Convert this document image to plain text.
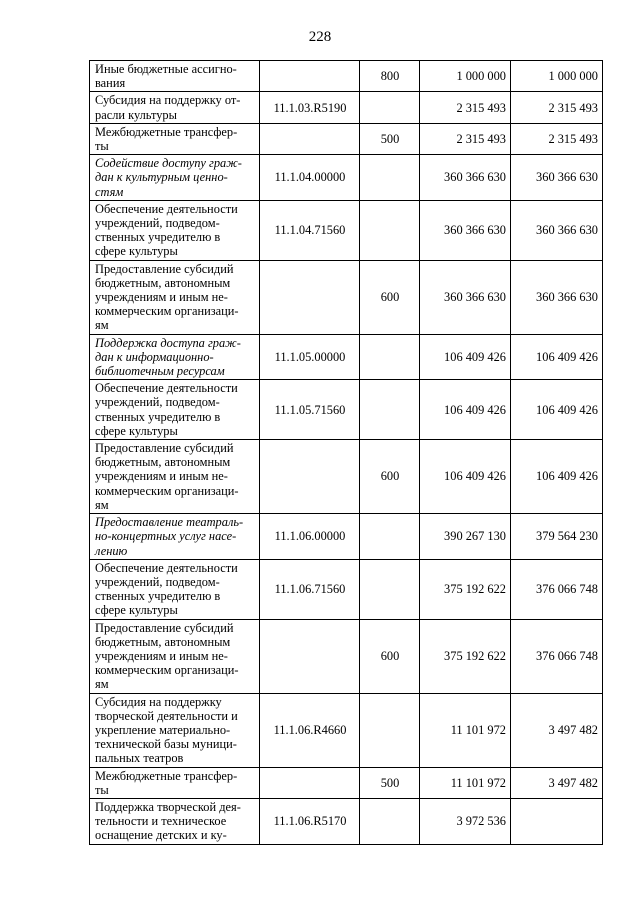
228
Иные бюджетные ассигно-
вания		800	1 000 000	1 000 000
Субсидия на поддержку от-
расли культуры	11.1.03.R5190		2 315 493	2 315 493
Межбюджетные трансфер-
ты		500	2 315 493	2 315 493
Содействие доступу граж-
дан к культурным ценно-
стям	11.1.04.00000		360 366 630	360 366 630
Обеспечение деятельности
учреждений, подведом-
ственных учредителю в
сфере культуры	11.1.04.71560		360 366 630	360 366 630
Предоставление субсидий
бюджетным, автономным
учреждениям и иным не-
коммерческим организаци-
ям		600	360 366 630	360 366 630
Поддержка доступа граж-
дан к информационно-
библиотечным ресурсам	11.1.05.00000		106 409 426	106 409 426
Обеспечение деятельности
учреждений, подведом-
ственных учредителю в
сфере культуры	11.1.05.71560		106 409 426	106 409 426
Предоставление субсидий
бюджетным, автономным
учреждениям и иным не-
коммерческим организаци-
ям		600	106 409 426	106 409 426
Предоставление театраль-
но-концертных услуг насе-
лению	11.1.06.00000		390 267 130	379 564 230
Обеспечение деятельности
учреждений, подведом-
ственных учредителю в
сфере культуры	11.1.06.71560		375 192 622	376 066 748
Предоставление субсидий
бюджетным, автономным
учреждениям и иным не-
коммерческим организаци-
ям		600	375 192 622	376 066 748
Субсидия на поддержку
творческой деятельности и
укрепление материально-
технической базы муници-
пальных театров	11.1.06.R4660		11 101 972	3 497 482
Межбюджетные трансфер-
ты		500	11 101 972	3 497 482
Поддержка творческой дея-
тельности и техническое
оснащение детских и ку-	11.1.06.R5170		3 972 536	
